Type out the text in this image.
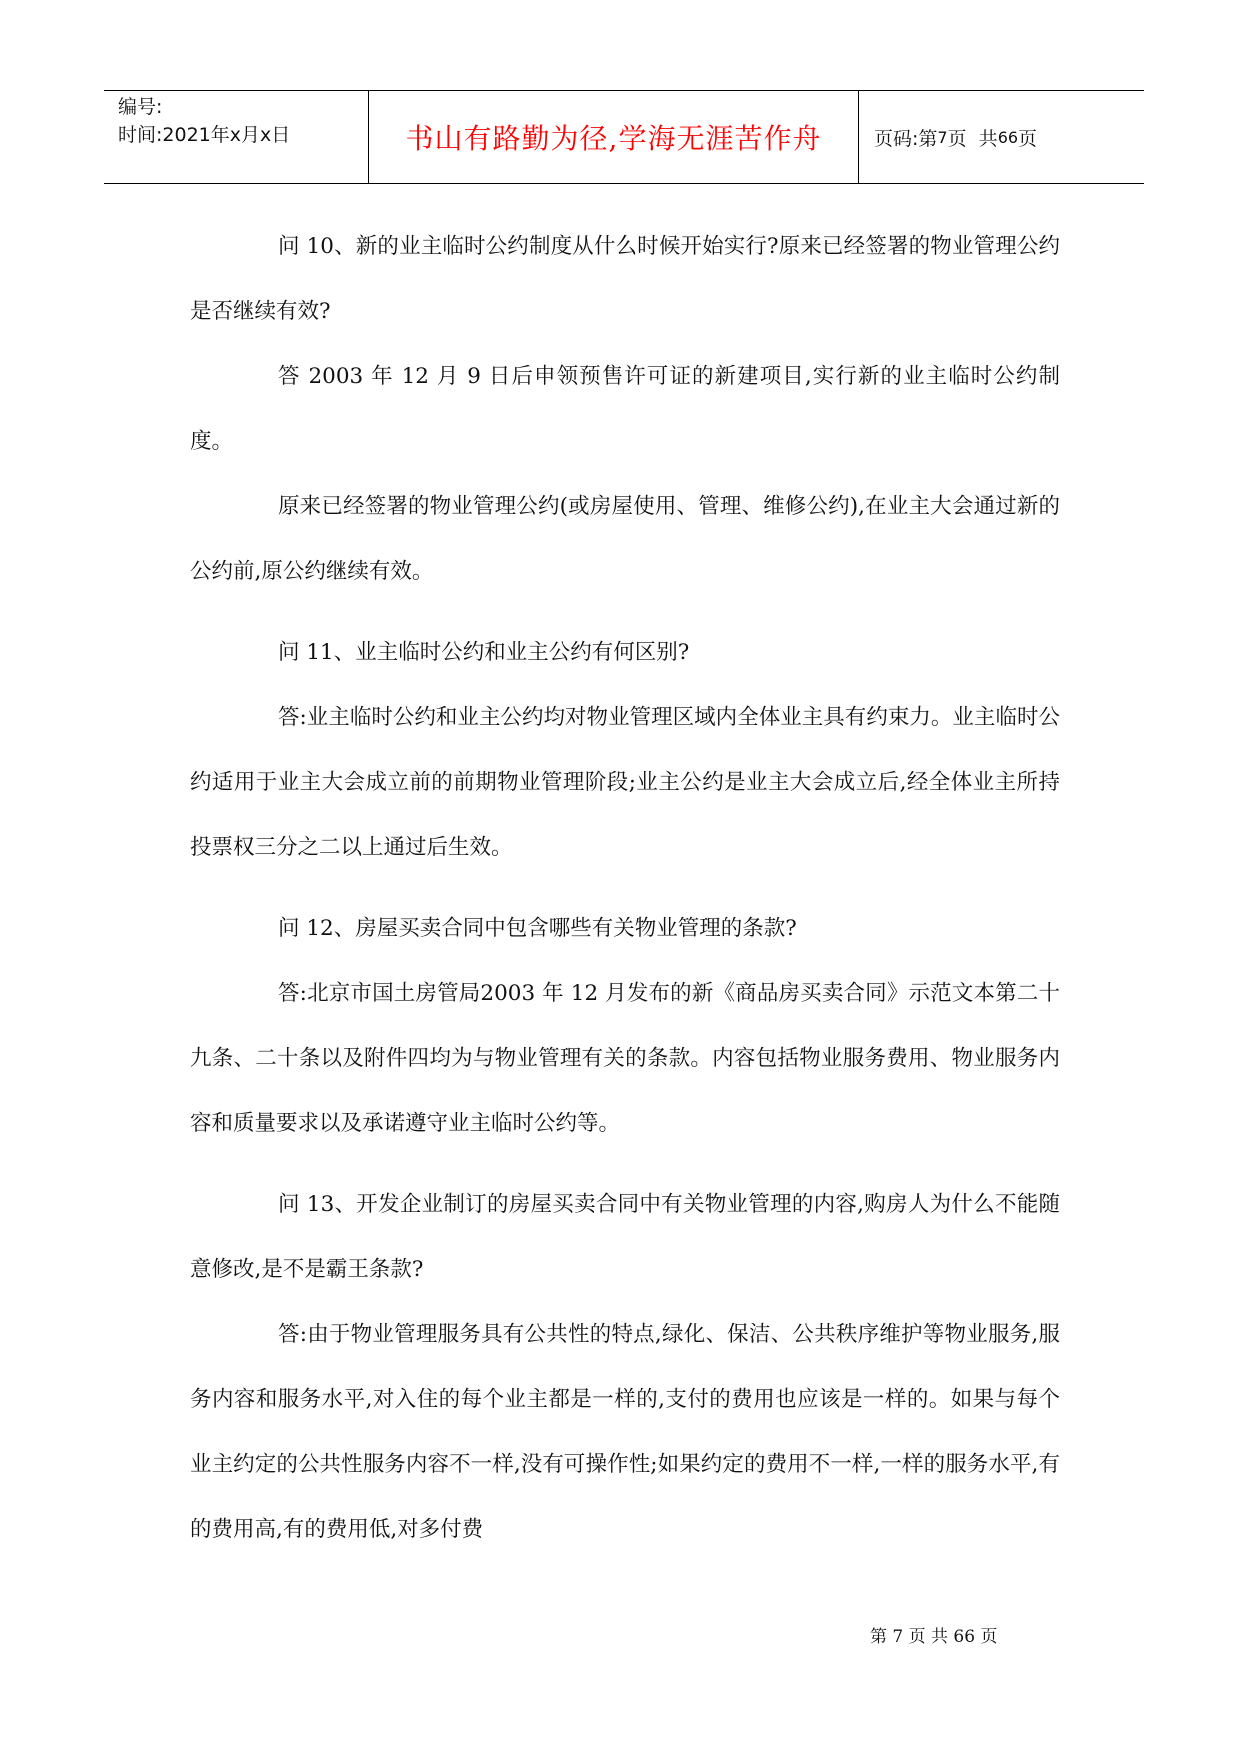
编号:
时间:2021年x月x日	书山有路勤为径,学海无涯苦作舟	页码:第 7 页  共 66 页

问 10、新的业主临时公约制度从什么时候开始实行?原来已经签署的物业管理公约是否继续有效?

答 2003 年 12 月 9 日后申领预售许可证的新建项目,实行新的业主临时公约制度。

原来已经签署的物业管理公约(或房屋使用、管理、维修公约),在业主大会通过新的公约前,原公约继续有效。

问 11、业主临时公约和业主公约有何区别?

答:业主临时公约和业主公约均对物业管理区域内全体业主具有约束力。业主临时公约适用于业主大会成立前的前期物业管理阶段;业主公约是业主大会成立后,经全体业主所持投票权三分之二以上通过后生效。

问 12、房屋买卖合同中包含哪些有关物业管理的条款?

答:北京市国土房管局2003 年 12 月发布的新《商品房买卖合同》示范文本第二十九条、二十条以及附件四均为与物业管理有关的条款。内容包括物业服务费用、物业服务内容和质量要求以及承诺遵守业主临时公约等。

问 13、开发企业制订的房屋买卖合同中有关物业管理的内容,购房人为什么不能随意修改,是不是霸王条款?

答:由于物业管理服务具有公共性的特点,绿化、保洁、公共秩序维护等物业服务,服务内容和服务水平,对入住的每个业主都是一样的,支付的费用也应该是一样的。如果与每个业主约定的公共性服务内容不一样,没有可操作性;如果约定的费用不一样,一样的服务水平,有的费用高,有的费用低,对多付费

第 7 页 共 66 页
